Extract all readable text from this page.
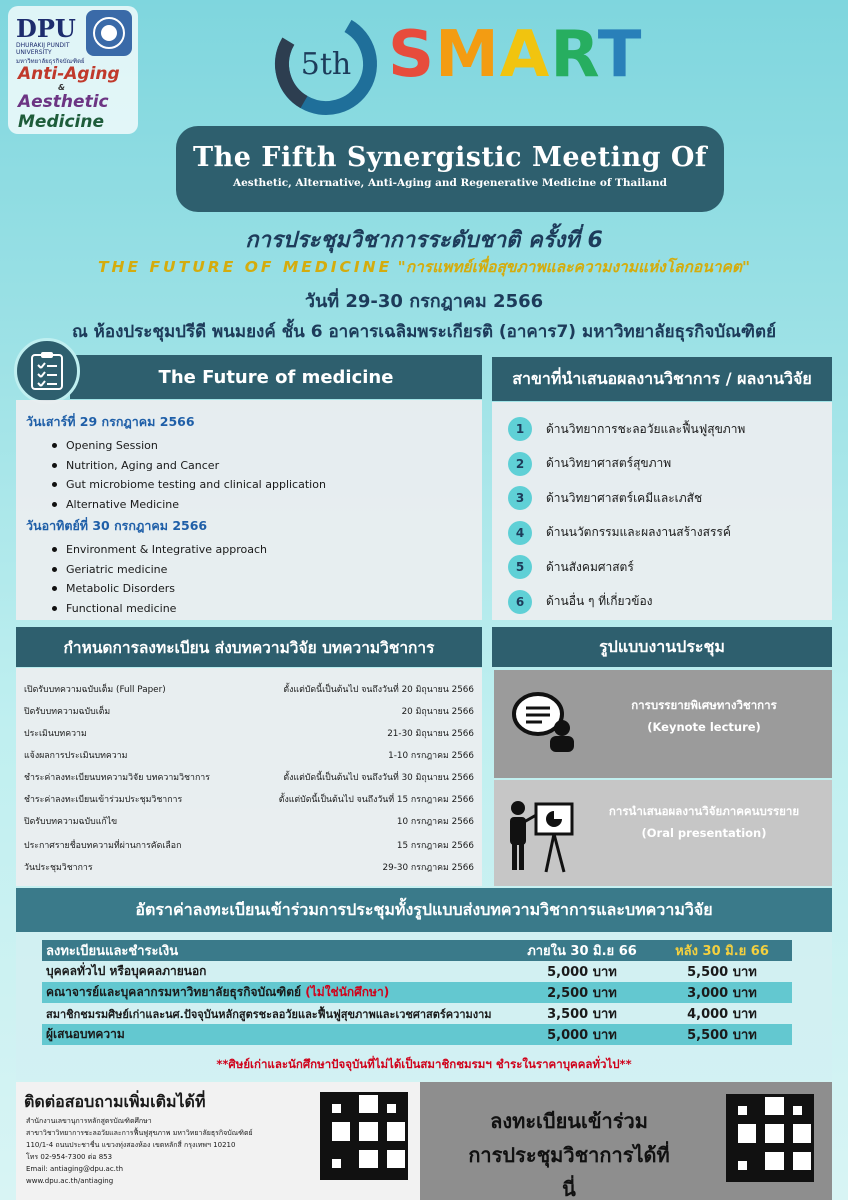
DPU
DHURAKIJ PUNDIT UNIVERSITY มหาวิทยาลัยธุรกิจบัณฑิตย์
Anti-Aging
&
Aesthetic
Medicine
5th SMART
The Fifth Synergistic Meeting Of
Aesthetic, Alternative, Anti-Aging and Regenerative Medicine of Thailand
การประชุมวิชาการระดับชาติ ครั้งที่ 6
THE FUTURE OF MEDICINE "การแพทย์เพื่อสุขภาพและความงามแห่งโลกอนาคต"
วันที่ 29-30 กรกฎาคม 2566
ณ ห้องประชุมปรีดี พนมยงค์ ชั้น 6 อาคารเฉลิมพระเกียรติ (อาคาร7) มหาวิทยาลัยธุรกิจบัณฑิตย์
The Future of medicine
วันเสาร์ที่ 29 กรกฎาคม 2566
Opening Session
Nutrition, Aging and Cancer
Gut microbiome testing and clinical application
Alternative Medicine
วันอาทิตย์ที่ 30 กรกฎาคม 2566
Environment & Integrative approach
Geriatric medicine
Metabolic Disorders
Functional medicine
สาขาที่นำเสนอผลงานวิชาการ / ผลงานวิจัย
1	ด้านวิทยาการชะลอวัยและฟื้นฟูสุขภาพ
2	ด้านวิทยาศาสตร์สุขภาพ
3	ด้านวิทยาศาสตร์เคมีและเภสัช
4	ด้านนวัตกรรมและผลงานสร้างสรรค์
5	ด้านสังคมศาสตร์
6	ด้านอื่น ๆ ที่เกี่ยวข้อง
กำหนดการลงทะเบียน ส่งบทความวิจัย บทความวิชาการ
เปิดรับบทความฉบับเต็ม (Full Paper)	ตั้งแต่บัดนี้เป็นต้นไป จนถึงวันที่ 20 มิถุนายน 2566
ปิดรับบทความฉบับเต็ม	20 มิถุนายน 2566
ประเมินบทความ	21-30 มิถุนายน 2566
แจ้งผลการประเมินบทความ	1-10 กรกฎาคม 2566
ชำระค่าลงทะเบียนบทความวิจัย บทความวิชาการ	ตั้งแต่บัดนี้เป็นต้นไป จนถึงวันที่ 30 มิถุนายน 2566
ชำระค่าลงทะเบียนเข้าร่วมประชุมวิชาการ	ตั้งแต่บัดนี้เป็นต้นไป จนถึงวันที่ 15 กรกฎาคม 2566
ปิดรับบทความฉบับแก้ไข	10 กรกฎาคม 2566
ประกาศรายชื่อบทความที่ผ่านการคัดเลือก	15 กรกฎาคม 2566
วันประชุมวิชาการ	29-30 กรกฎาคม 2566
รูปแบบงานประชุม
การบรรยายพิเศษทางวิชาการ
(Keynote lecture)
การนำเสนอผลงานวิจัยภาคคนบรรยาย
(Oral presentation)
อัตราค่าลงทะเบียนเข้าร่วมการประชุมทั้งรูปแบบส่งบทความวิชาการและบทความวิจัย
ลงทะเบียนและชำระเงิน	ภายใน 30 มิ.ย 66	หลัง 30 มิ.ย 66
บุคคลทั่วไป หรือบุคคลภายนอก	5,000 บาท	5,500 บาท
คณาจารย์และบุคลากรมหาวิทยาลัยธุรกิจบัณฑิตย์ (ไม่ใช่นักศึกษา)	2,500 บาท	3,000 บาท
สมาชิกชมรมศิษย์เก่าและนศ.ปัจจุบันหลักสูตรชะลอวัยและฟื้นฟูสุขภาพและเวชศาสตร์ความงาม	3,500 บาท	4,000 บาท
ผู้เสนอบทความ	5,000 บาท	5,500 บาท
**ศิษย์เก่าและนักศึกษาปัจจุบันที่ไม่ได้เป็นสมาชิกชมรมฯ ชำระในราคาบุคคลทั่วไป**
ติดต่อสอบถามเพิ่มเติมได้ที่
สำนักงานเลขานุการหลักสูตรบัณฑิตศึกษา
สาขาวิชาวิทยาการชะลอวัยและการฟื้นฟูสุขภาพ มหาวิทยาลัยธุรกิจบัณฑิตย์
110/1-4 ถนนประชาชื่น แขวงทุ่งสองห้อง เขตหลักสี่ กรุงเทพฯ 10210
โทร 02-954-7300 ต่อ 853
Email: antiaging@dpu.ac.th
www.dpu.ac.th/antiaging
ลงทะเบียนเข้าร่วม
การประชุมวิชาการได้ที่นี่
